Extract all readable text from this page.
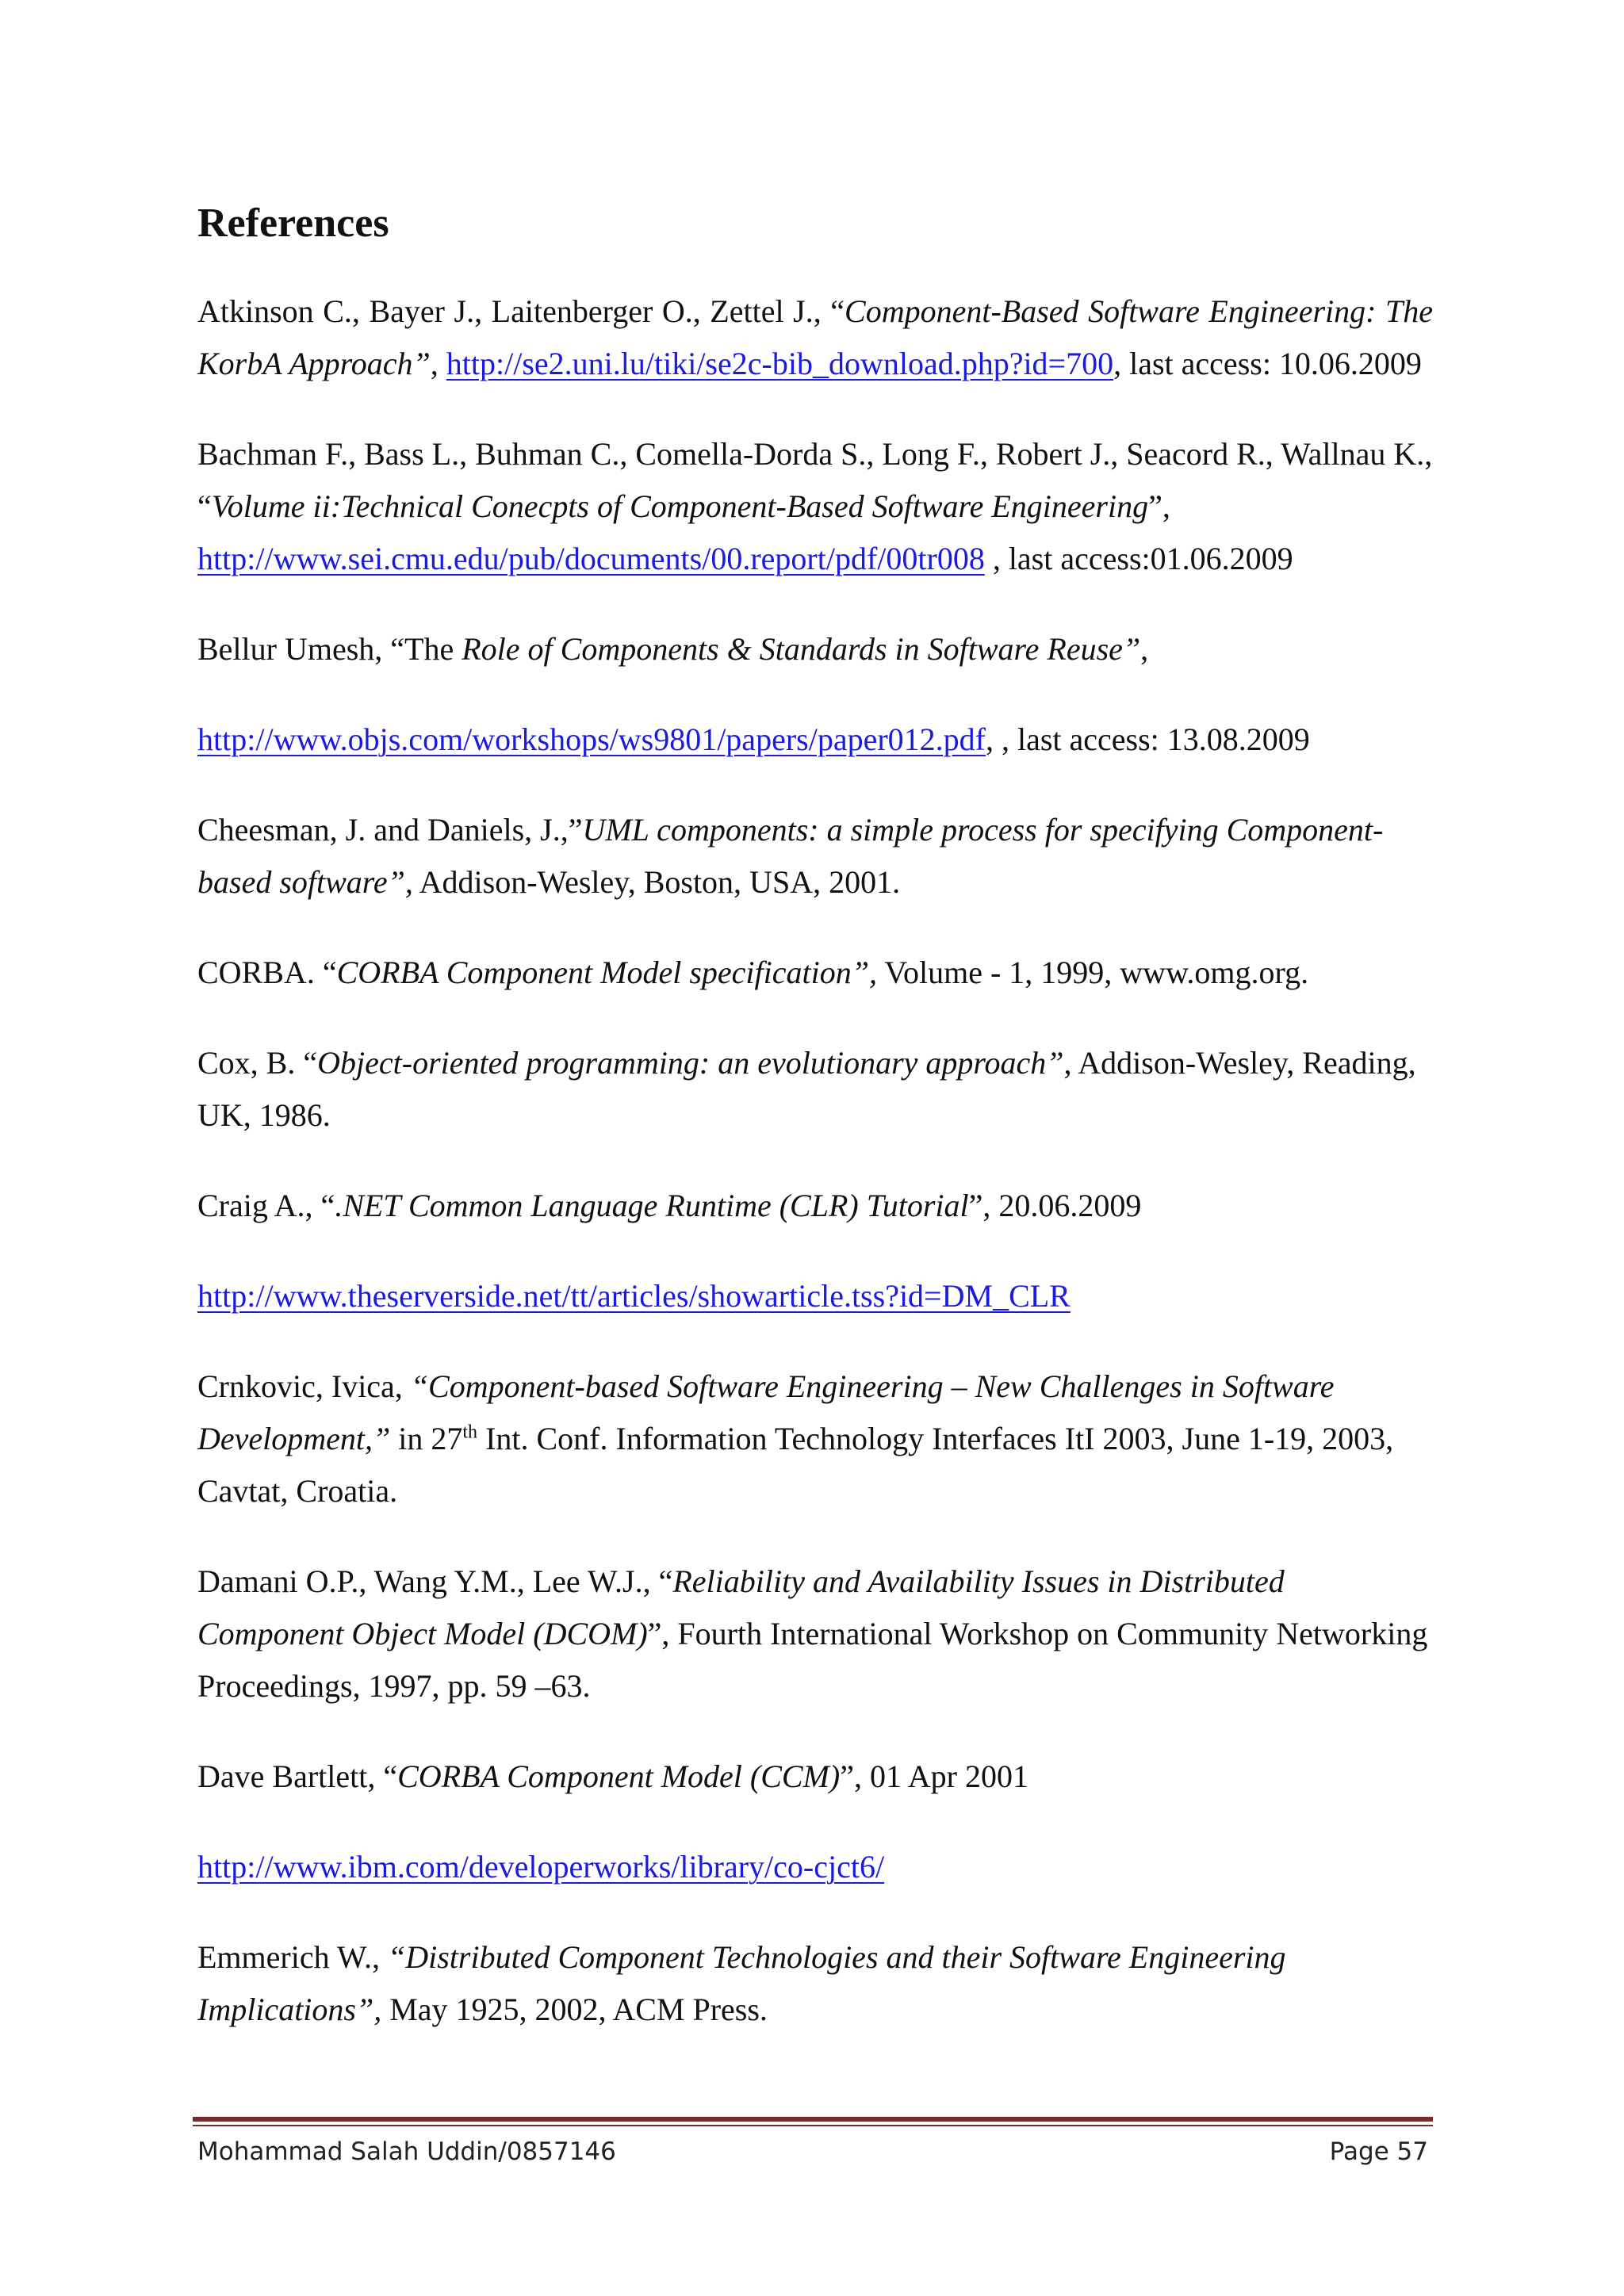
References

Atkinson C., Bayer J., Laitenberger O., Zettel J., “Component-Based Software Engineering: The KorbA Approach”, http://se2.uni.lu/tiki/se2c-bib_download.php?id=700, last access: 10.06.2009

Bachman F., Bass L., Buhman C., Comella-Dorda S., Long F., Robert J., Seacord R., Wallnau K., “Volume ii:Technical Conecpts of Component-Based Software Engineering”, http://www.sei.cmu.edu/pub/documents/00.report/pdf/00tr008 , last access:01.06.2009

Bellur Umesh, “The Role of Components & Standards in Software Reuse”,

http://www.objs.com/workshops/ws9801/papers/paper012.pdf, , last access: 13.08.2009

Cheesman, J. and Daniels, J.,”UML components: a simple process for specifying Component-based software”, Addison-Wesley, Boston, USA, 2001.

CORBA. “CORBA Component Model specification”, Volume - 1, 1999, www.omg.org.

Cox, B. “Object-oriented programming: an evolutionary approach”, Addison-Wesley, Reading, UK, 1986.

Craig A., “.NET Common Language Runtime (CLR) Tutorial”, 20.06.2009

http://www.theserverside.net/tt/articles/showarticle.tss?id=DM_CLR

Crnkovic, Ivica, “Component-based Software Engineering – New Challenges in Software Development,” in 27th Int. Conf. Information Technology Interfaces ItI 2003, June 1-19, 2003, Cavtat, Croatia.

Damani O.P., Wang Y.M., Lee W.J., “Reliability and Availability Issues in Distributed Component Object Model (DCOM)”, Fourth International Workshop on Community Networking Proceedings, 1997, pp. 59 –63.

Dave Bartlett, “CORBA Component Model (CCM)”, 01 Apr 2001

http://www.ibm.com/developerworks/library/co-cjct6/

Emmerich W., “Distributed Component Technologies and their Software Engineering Implications”, May 1925, 2002, ACM Press.

Mohammad Salah Uddin/0857146	Page 57
